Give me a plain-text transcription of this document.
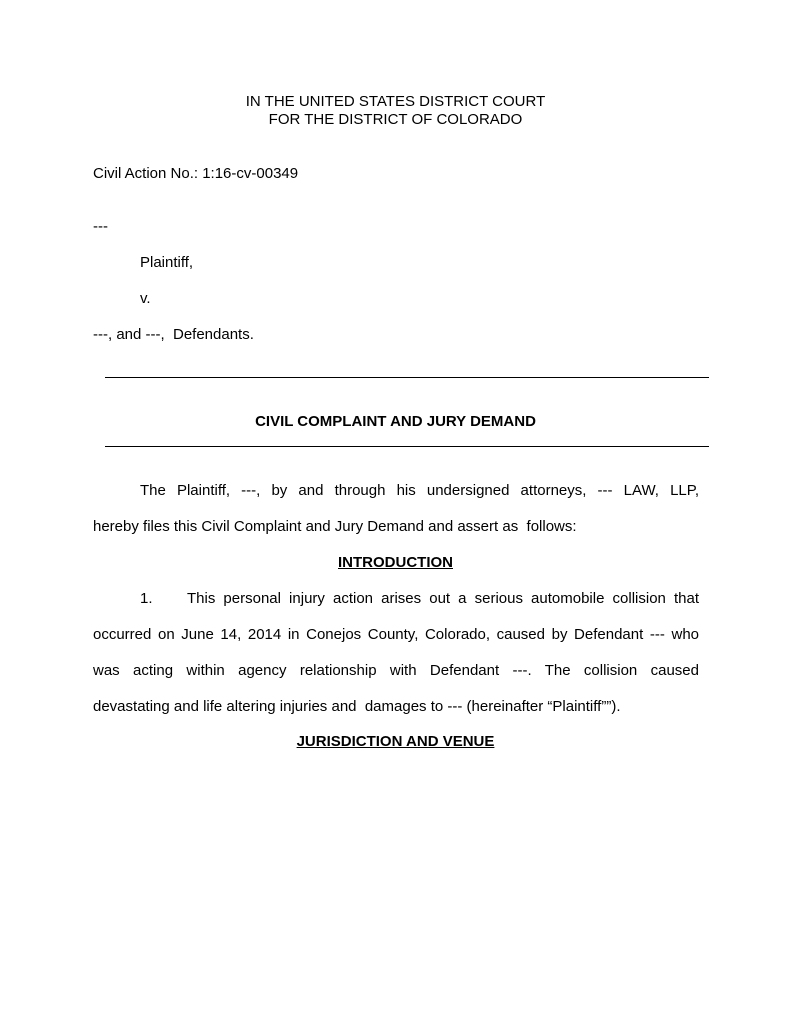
IN THE UNITED STATES DISTRICT COURT
FOR THE DISTRICT OF COLORADO
Civil Action No.: 1:16-cv-00349
---
Plaintiff,
v.
---, and ---,  Defendants.
CIVIL COMPLAINT AND JURY DEMAND
The Plaintiff, ---, by and through his undersigned attorneys, --- LAW, LLP,
hereby files this Civil Complaint and Jury Demand and assert as  follows:
INTRODUCTION
1.	This personal injury action arises out a serious automobile collision that
occurred on June 14, 2014 in Conejos County, Colorado, caused by Defendant --- who
was acting within agency relationship with Defendant ---. The collision caused
devastating and life altering injuries and  damages to --- (hereinafter “Plaintiff””).
JURISDICTION AND VENUE
